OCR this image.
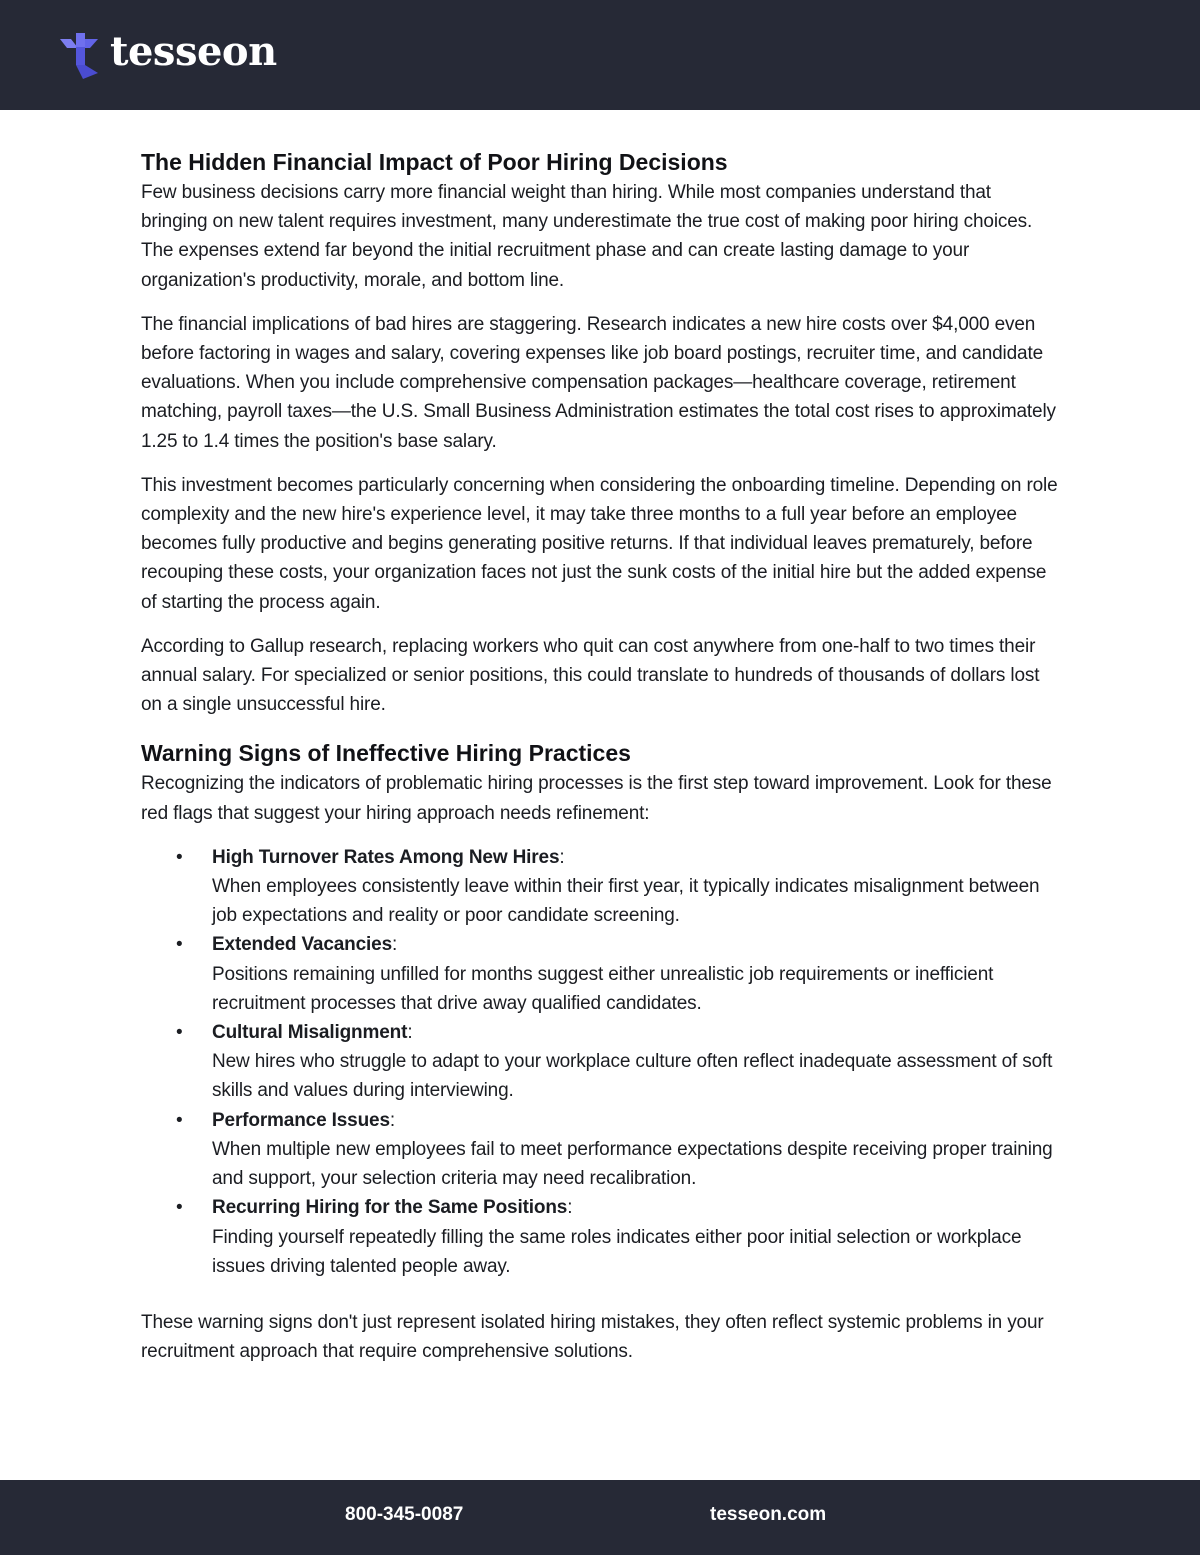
tesseon
The Hidden Financial Impact of Poor Hiring Decisions

Few business decisions carry more financial weight than hiring. While most companies understand that bringing on new talent requires investment, many underestimate the true cost of making poor hiring choices. The expenses extend far beyond the initial recruitment phase and can create lasting damage to your organization's productivity, morale, and bottom line.

The financial implications of bad hires are staggering. Research indicates a new hire costs over $4,000 even before factoring in wages and salary, covering expenses like job board postings, recruiter time, and candidate evaluations. When you include comprehensive compensation packages—healthcare coverage, retirement matching, payroll taxes—the U.S. Small Business Administration estimates the total cost rises to approximately 1.25 to 1.4 times the position's base salary.

This investment becomes particularly concerning when considering the onboarding timeline. Depending on role complexity and the new hire's experience level, it may take three months to a full year before an employee becomes fully productive and begins generating positive returns. If that individual leaves prematurely, before recouping these costs, your organization faces not just the sunk costs of the initial hire but the added expense of starting the process again.

According to Gallup research, replacing workers who quit can cost anywhere from one-half to two times their annual salary. For specialized or senior positions, this could translate to hundreds of thousands of dollars lost on a single unsuccessful hire.

Warning Signs of Ineffective Hiring Practices

Recognizing the indicators of problematic hiring processes is the first step toward improvement. Look for these red flags that suggest your hiring approach needs refinement:

• High Turnover Rates Among New Hires:
When employees consistently leave within their first year, it typically indicates misalignment between job expectations and reality or poor candidate screening.
• Extended Vacancies:
Positions remaining unfilled for months suggest either unrealistic job requirements or inefficient recruitment processes that drive away qualified candidates.
• Cultural Misalignment:
New hires who struggle to adapt to your workplace culture often reflect inadequate assessment of soft skills and values during interviewing.
• Performance Issues:
When multiple new employees fail to meet performance expectations despite receiving proper training and support, your selection criteria may need recalibration.
• Recurring Hiring for the Same Positions:
Finding yourself repeatedly filling the same roles indicates either poor initial selection or workplace issues driving talented people away.

These warning signs don't just represent isolated hiring mistakes, they often reflect systemic problems in your recruitment approach that require comprehensive solutions.

800-345-0087	tesseon.com
